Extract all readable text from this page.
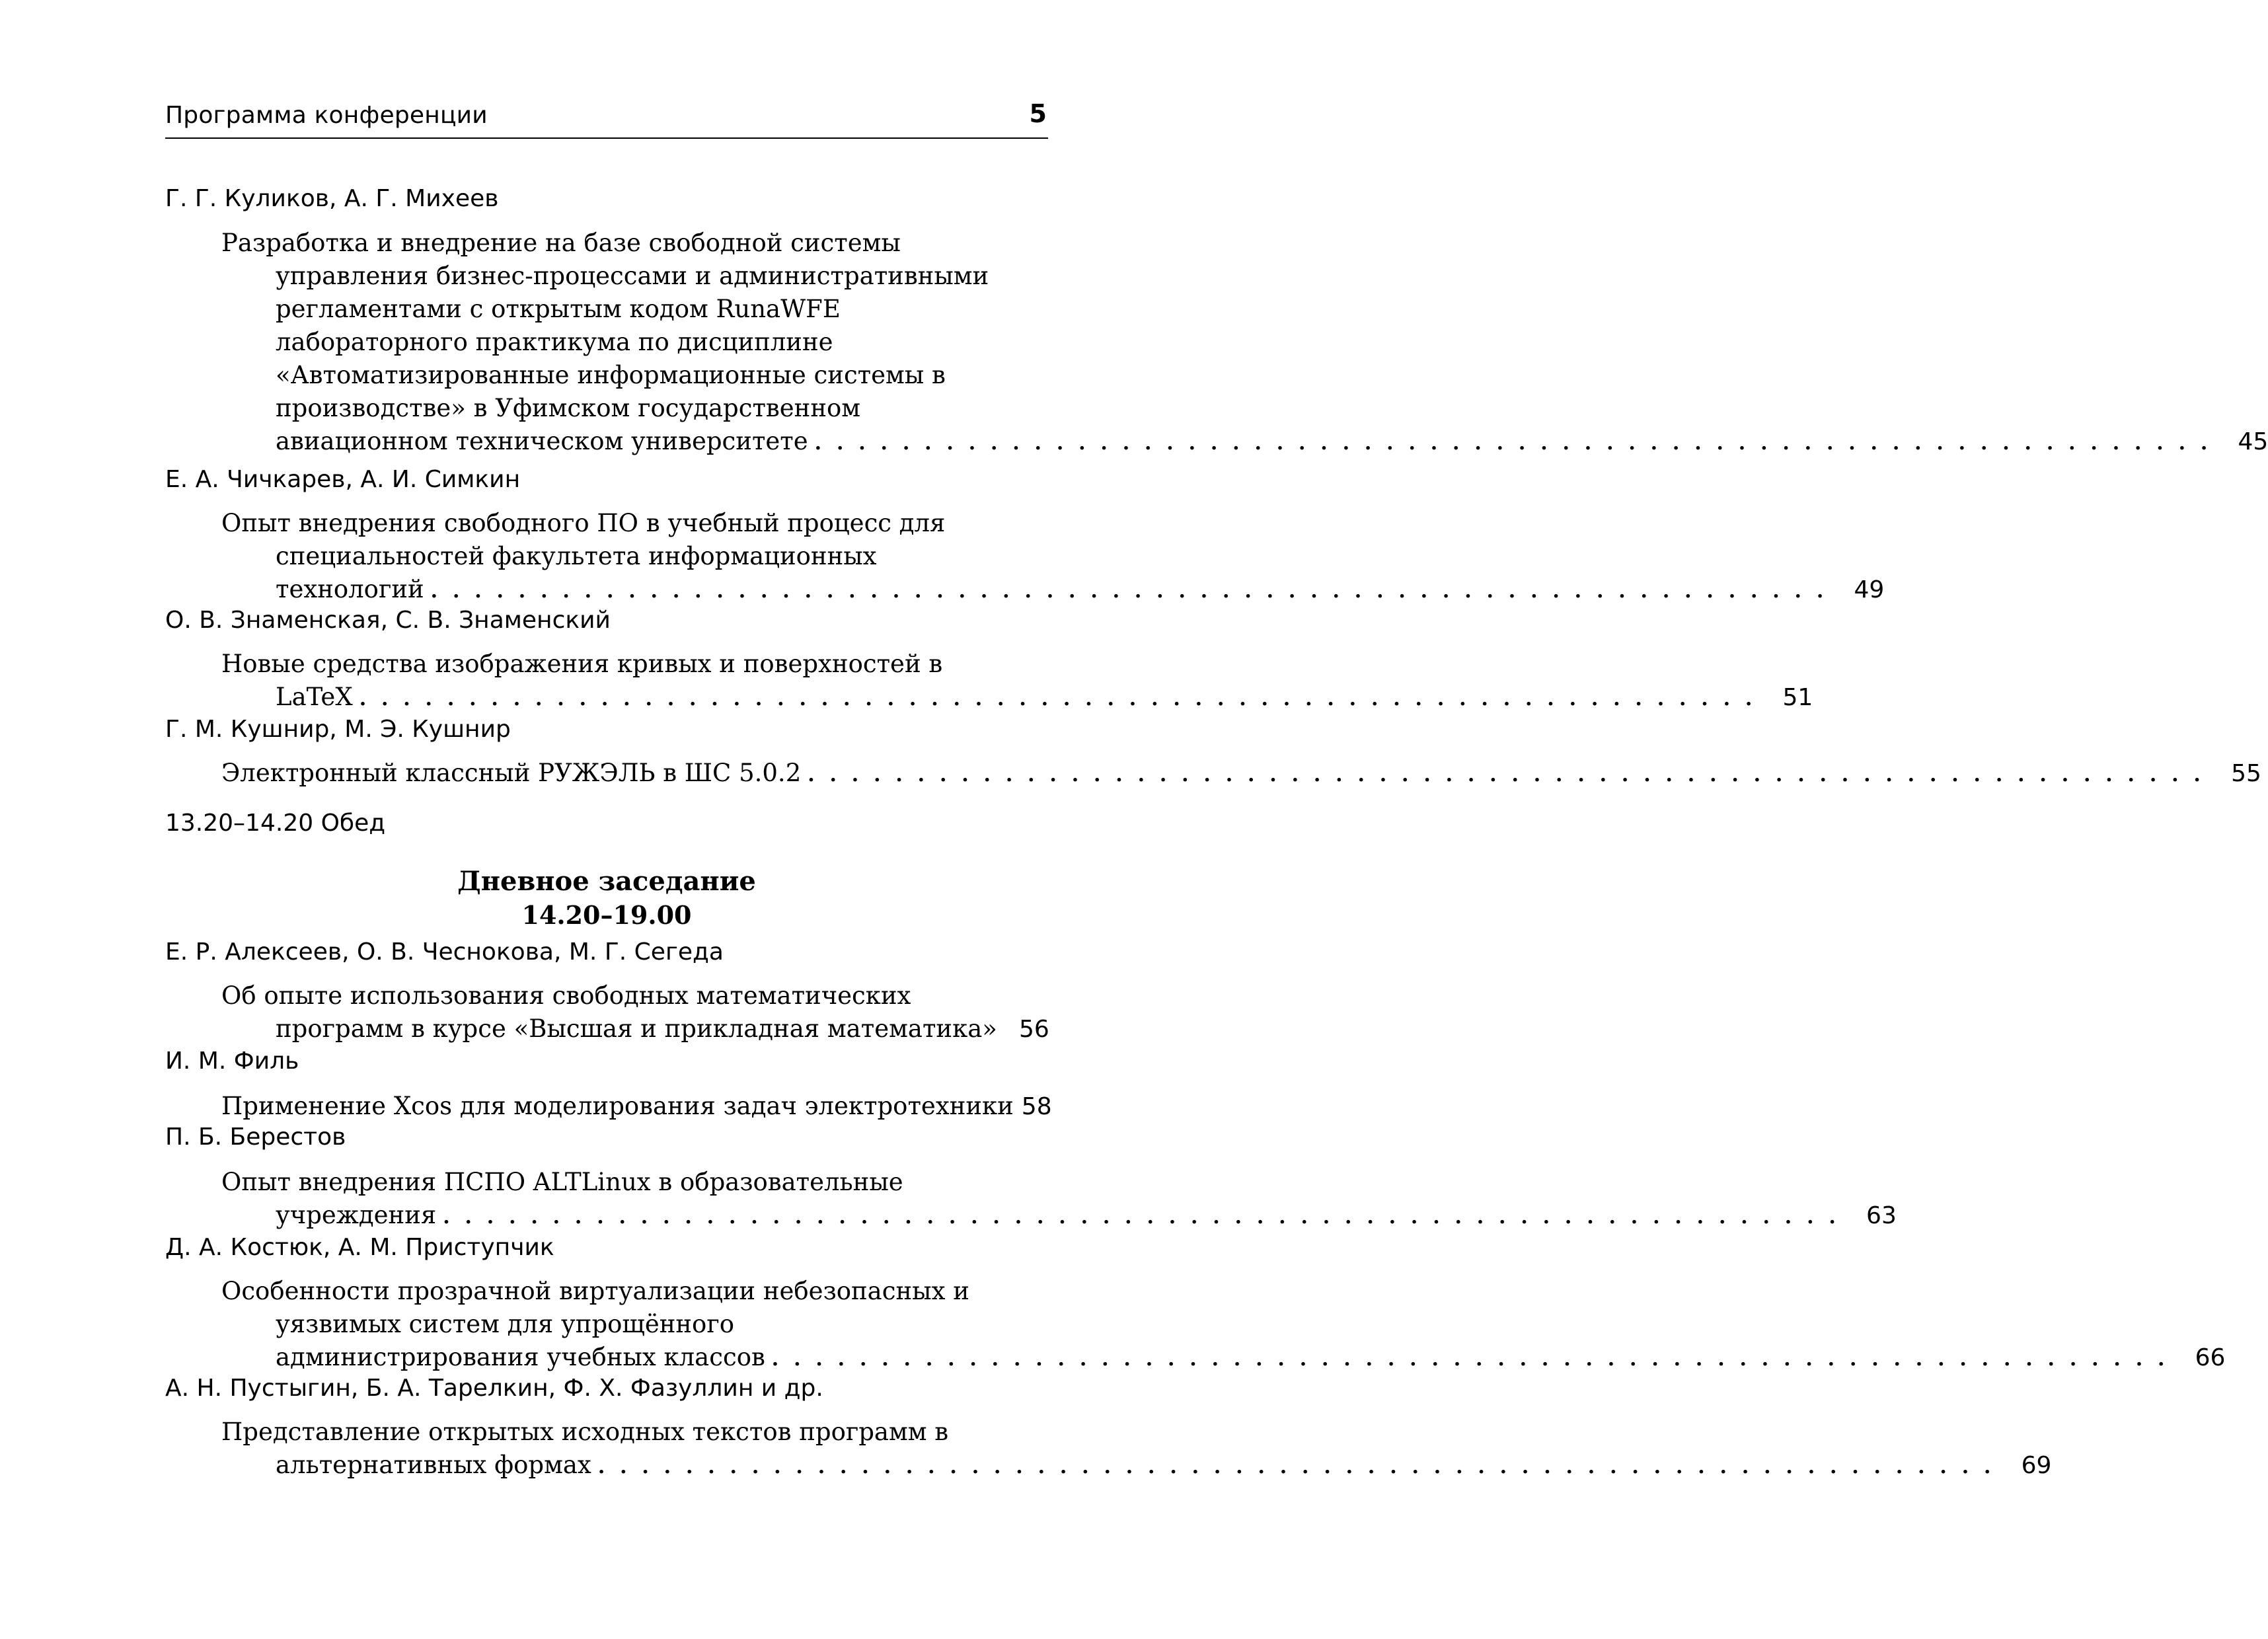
Программа конференции	5
Г. Г. Куликов, А. Г. Михеев
Разработка и внедрение на базе свободной системы
управления бизнес-процессами и административными
регламентами с открытым кодом RunaWFE
лабораторного практикума по дисциплине
«Автоматизированные информационные системы в
производстве» в Уфимском государственном
авиационном техническом университете . . . . . . . . . . . . . . . . . . . . . . . . . . . . . . . . . . . . . . . . . . . . . . . . . . . . . . . . . . . . . . . . 45
Е. А. Чичкарев, А. И. Симкин
Опыт внедрения свободного ПО в учебный процесс для
специальностей факультета информационных
технологий . . . . . . . . . . . . . . . . . . . . . . . . . . . . . . . . . . . . . . . . . . . . . . . . . . . . . . . . . . . . . . . . 49
О. В. Знаменская, С. В. Знаменский
Новые средства изображения кривых и поверхностей в
LaTeX . . . . . . . . . . . . . . . . . . . . . . . . . . . . . . . . . . . . . . . . . . . . . . . . . . . . . . . . . . . . . . . . 51
Г. М. Кушнир, М. Э. Кушнир
Электронный классный РУЖЭЛЬ в ШС 5.0.2 . . . . . . . . . . . . . . . . . . . . . . . . . . . . . . . . . . . . . . . . . . . . . . . . . . . . . . . . . . . . . . . . 55
13.20–14.20 Обед
Дневное заседание
14.20–19.00
Е. Р. Алексеев, О. В. Чеснокова, М. Г. Сегеда
Об опыте использования свободных математических
программ в курсе «Высшая и прикладная математика» 56
И. М. Филь
Применение Xcos для моделирования задач электротехники 58
П. Б. Берестов
Опыт внедрения ПСПО ALTLinux в образовательные
учреждения . . . . . . . . . . . . . . . . . . . . . . . . . . . . . . . . . . . . . . . . . . . . . . . . . . . . . . . . . . . . . . . . 63
Д. А. Костюк, А. М. Приступчик
Особенности прозрачной виртуализации небезопасных и
уязвимых систем для упрощённого
администрирования учебных классов . . . . . . . . . . . . . . . . . . . . . . . . . . . . . . . . . . . . . . . . . . . . . . . . . . . . . . . . . . . . . . . . 66
А. Н. Пустыгин, Б. А. Тарелкин, Ф. Х. Фазуллин и др.
Представление открытых исходных текстов программ в
альтернативных формах . . . . . . . . . . . . . . . . . . . . . . . . . . . . . . . . . . . . . . . . . . . . . . . . . . . . . . . . . . . . . . . . 69
